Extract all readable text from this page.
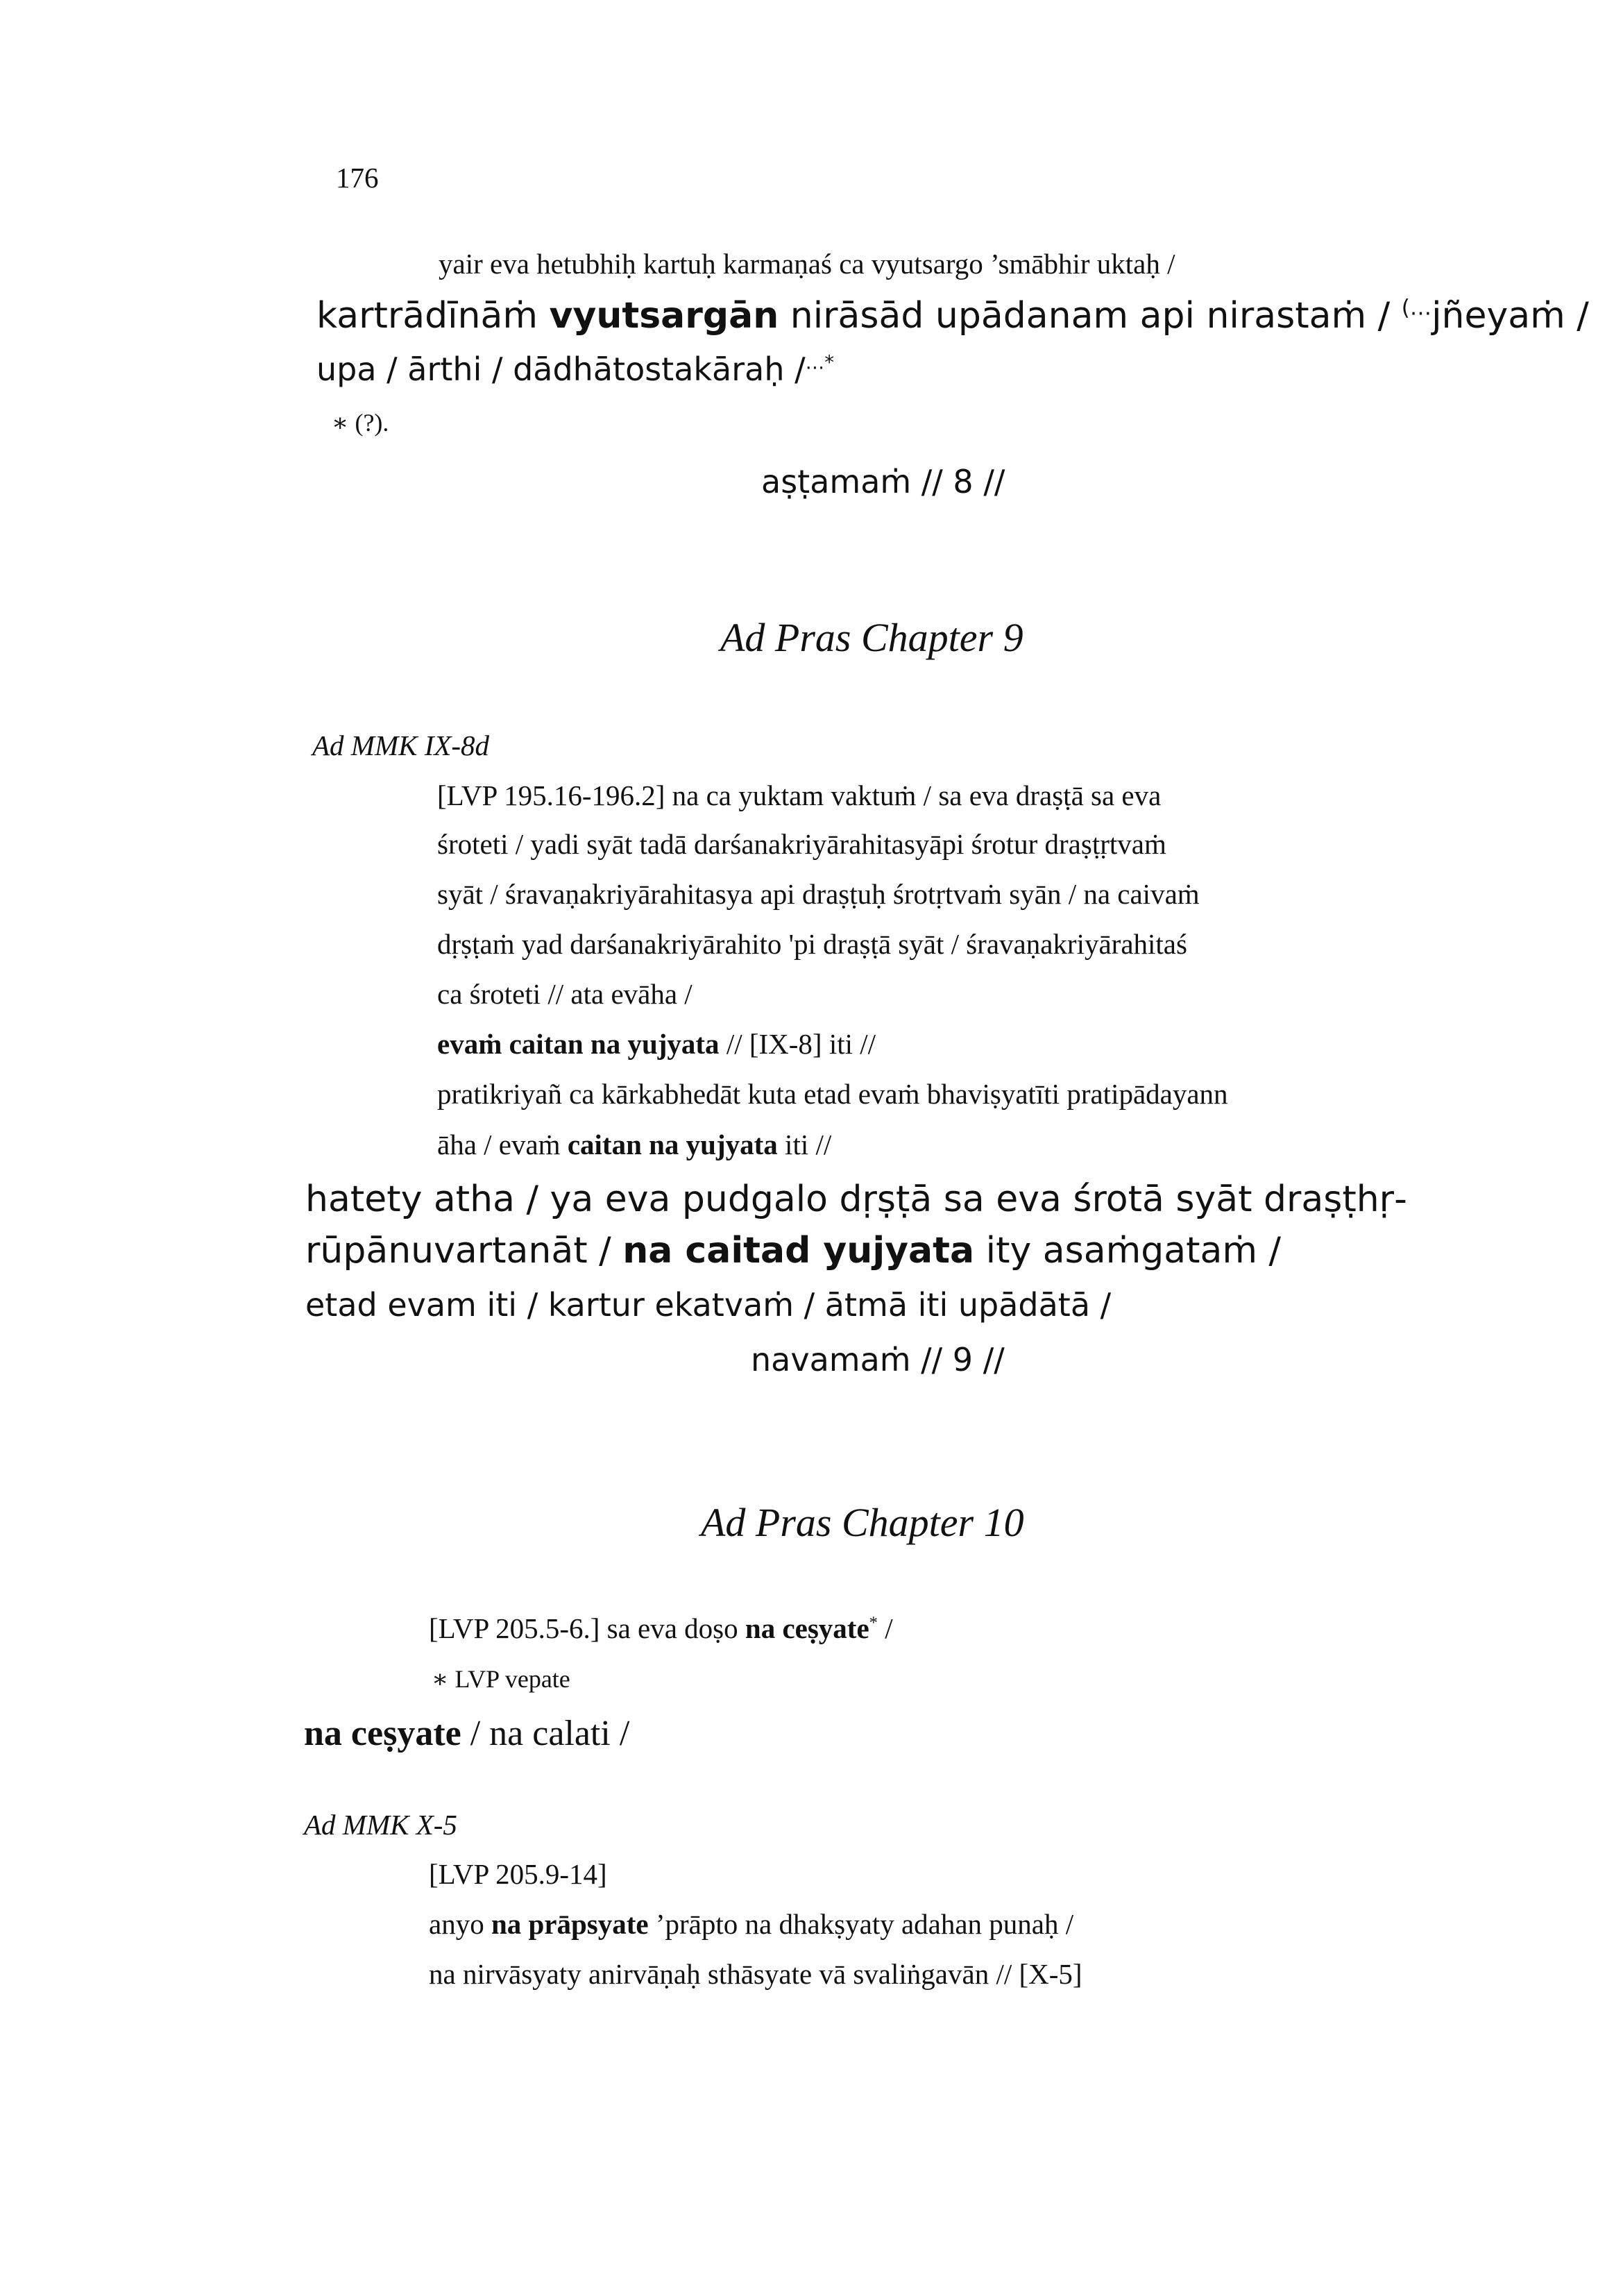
176
yair eva hetubhiḥ kartuḥ karmaṇaś ca vyutsargo ’smābhir uktaḥ /
kartrādīnāṁ vyutsargān nirāsād upādanam api nirastaṁ / (…jñeyaṁ /
upa / ārthi / dādhātostakāraḥ /…*
∗ (?).
aṣṭamaṁ // 8 //
Ad Pras Chapter 9
Ad MMK IX-8d
[LVP 195.16-196.2] na ca yuktam vaktuṁ / sa eva draṣṭā sa eva
śroteti / yadi syāt tadā darśanakriyārahitasyāpi śrotur draṣṭṛtvaṁ
syāt / śravaṇakriyārahitasya api draṣṭuḥ śrotṛtvaṁ syān / na caivaṁ
dṛṣṭaṁ yad darśanakriyārahito 'pi draṣṭā syāt / śravaṇakriyārahitaś
ca śroteti // ata evāha /
evaṁ caitan na yujyata // [IX-8] iti //
pratikriyañ ca kārkabhedāt kuta etad evaṁ bhaviṣyatīti pratipādayann
āha / evaṁ caitan na yujyata iti //
hatety atha / ya eva pudgalo dṛṣṭā sa eva śrotā syāt draṣṭhṛ-
rūpānuvartanāt / na caitad yujyata ity asaṁgataṁ /
etad evam iti / kartur ekatvaṁ / ātmā iti upādātā /
navamaṁ // 9 //
Ad Pras Chapter 10
[LVP 205.5-6.] sa eva doṣo na ceṣyate* /
∗ LVP vepate
na ceṣyate / na calati /
Ad MMK X-5
[LVP 205.9-14]
anyo na prāpsyate ’prāpto na dhakṣyaty adahan punaḥ /
na nirvāsyaty anirvāṇaḥ sthāsyate vā svaliṅgavān // [X-5]
